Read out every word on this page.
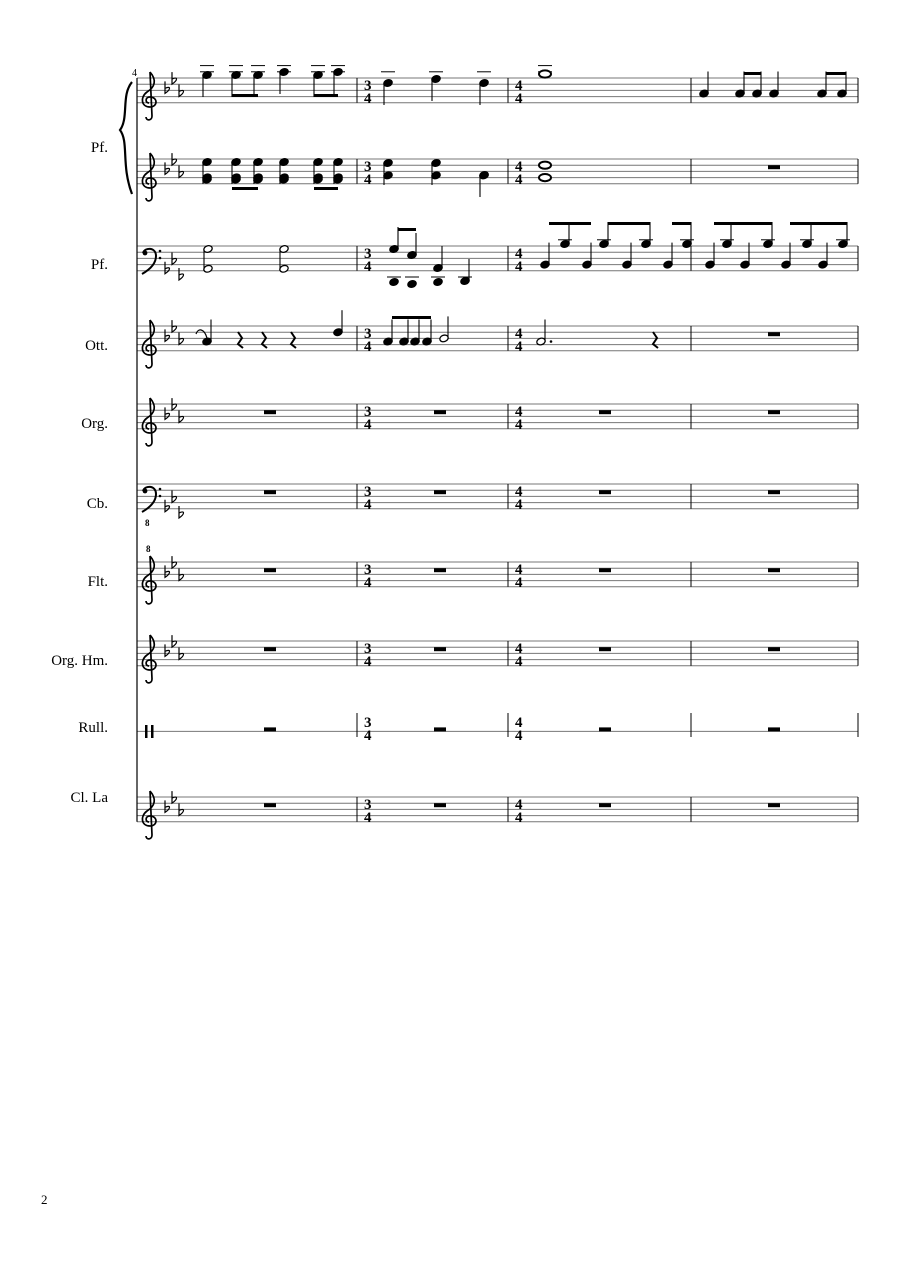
Pf.
Pf.
Ott.
Org.
Cb.
Flt.
Org. Hm.
Rull.
Cl. La
4
8
8
3
4
4
4
3
4
4
4
3
4
4
4
3
4
4
4
3
4
4
4
3
4
4
4
3
4
4
4
3
4
4
4
3
4
4
4
3
4
4
4
2
